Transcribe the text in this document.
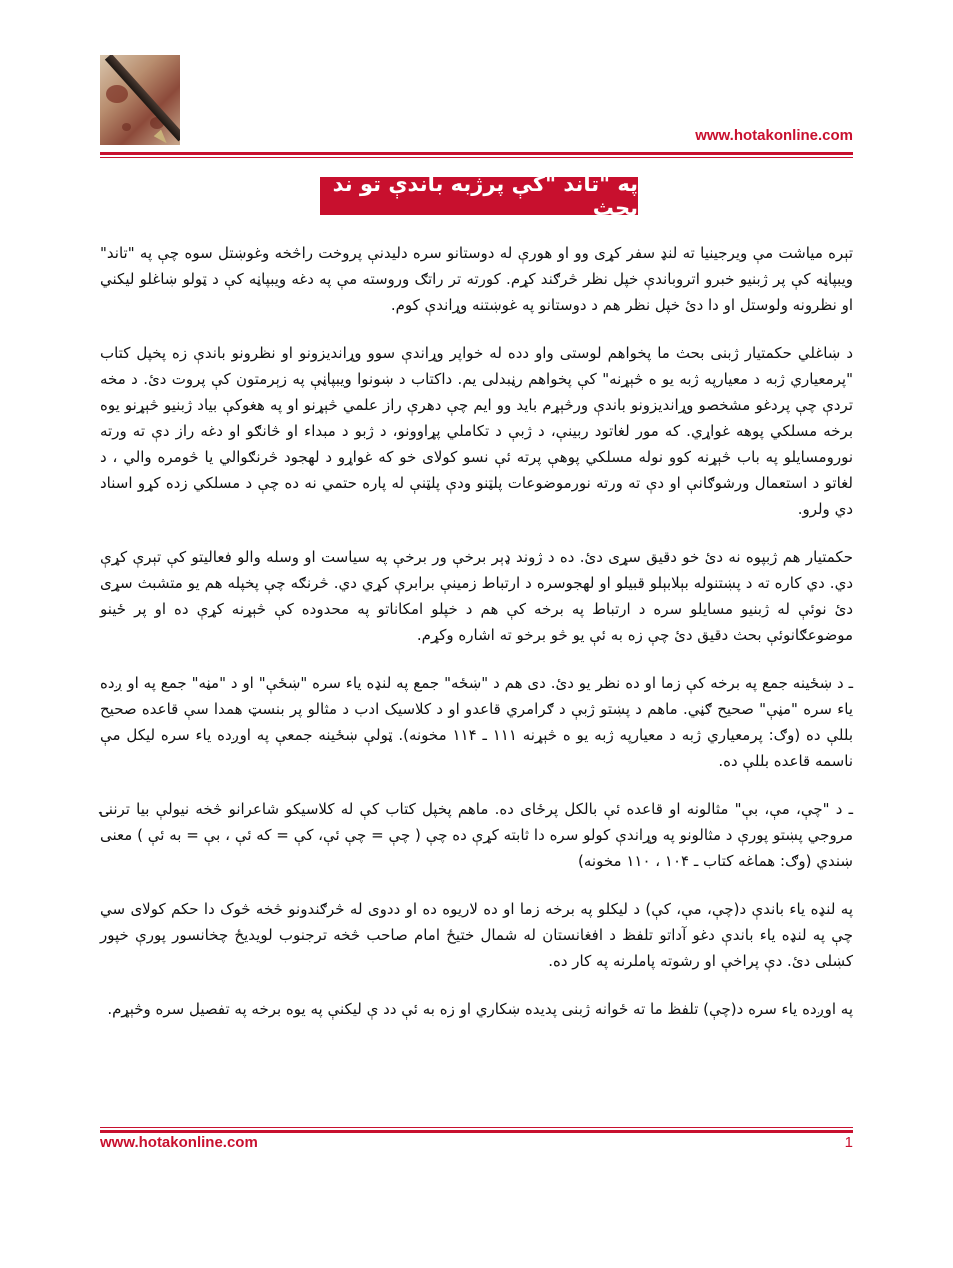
www.hotakonline.com
په "تاند "کې پرژبه باندې تو ند بحث

تېره میاشت مې ويرجينيا ته لنډ سفر کړی وو او هورې له دوستانو سره دليدنې پروخت راڅخه وغوښتل سوه چې په "تاند" ويبپاڼه کې پر ژبنيو خبرو اتروباندې خپل نظر څرګند کړم. کورته تر راتګ وروسته مې په دغه ويبپاڼه کې د ټولو ښاغلو ليکني او نظرونه ولوستل او دا دئ خپل نظر هم د دوستانو په غوښتنه وړاندې کوم.

د ښاغلي حکمتيار ژبنی بحث ما پخواهم لوستی واو دده له خواپر وړاندې سوو وړانديزونو او نظرونو باندې زه پخپل کتاب "پرمعياري ژبه د معيارپه ژبه يو ه څېړنه" کې پخواهم رڼبدلی يم. داکتاب د ښونوا ويبپاڼې په زېرمتون کې پروت دئ. د مخه تردې چې پردغو مشخصو وړانديزونو باندې ورڅېړم بايد وو ايم چې دهرې راز علمي څېړنو او په هغوکې بياد ژبنيو څېړنو يوه برخه مسلکي پوهه غواړي. که مور لغاتود ربينې، د ژبې د تکاملي پړاوونو، د ژبو د مبداء او څانګو او دغه راز دې ته ورته نورومسايلو په باب څېړنه کوو نوله مسلکي پوهې پرته ئې نسو کولای خو که غواړو د لهجود څرنګوالي يا څومره والي ، د لغاتو د استعمال ورشوګانې او دې ته ورته نورموضوعات پلټنو ودې پلټنې له پاره حتمي نه ده چې د مسلکي زده کړو اسناد دي ولرو.

حکمتيار هم ژبپوه نه دئ خو دقيق سړی دئ. ده د ژوند ډېر برخې ور برخې په سياست او وسله والو فعاليتو کې تېرې کړې دي. دي کاره ته د پښتنوله بېلابېلو قبيلو او لهجوسره د ارتباط زمينې برابرې کړي دي. څرنګه چې پخپله هم يو متشبث سړی دئ نوئې له ژبنيو مسايلو سره د ارتباط په برخه کې هم د خپلو امکاناتو په محدوده کې څېړنه کړې ده او پر ځينو موضوعګانوئې بحث دقيق دئ چې زه به ئې يو څو برخو ته اشاره وکړم.

ـ د ښځينه جمع په برخه کې زما او ده نظر يو دئ. دی هم د "ښځه" جمع په لنډه ياء سره "ښځې" او د "مڼه" جمع په او ږده ياء سره "مڼې" صحيح ګڼي. ماهم د پښتو ژبې د ګرامري قاعدو او د کلاسيک ادب د مثالو پر بنسټ همدا سې قاعده صحيح بللې ده (وګ: پرمعياري ژبه د معيارپه ژبه يو ه څېړنه ۱۱۱ ـ ۱۱۴ مخونه). ټولې ښځينه جمعې په اوږده ياء سره ليکل مې ناسمه قاعده بللې ده.

ـ د "چې، مې، بې" مثالونه او قاعده ئې بالکل پرځای ده. ماهم پخپل کتاب کې له کلاسيکو شاعرانو څخه نيولې بيا ترننۍ مروجي پښتو پورې د مثالونو په وړاندې کولو سره دا ثابته کړې ده چې ( چې = چې ئې، کې = که ئې ، بې = به ئې ) معنی ښندي (وګ: هماغه کتاب ـ ۱۰۴ ، ۱۱۰ مخونه)

په لنډه ياء باندې د(چې، مې، کې) د ليکلو په برخه زما او ده لاريوه ده او ددوی له څرګندونو څخه څوک دا حکم کولای سي چې په لنډه ياء باندې دغو آداتو تلفظ د افغانستان له شمال ختيځ امام صاحب څخه ترجنوب لويديځ چخانسور پورې خپور کښلی دئ. دې پراخې او رشوته پاملرنه په کار ده.

په اوږده ياء سره د(چې) تلفظ ما ته ځوانه ژبنی پديده ښکاري او زه به ئې دد ې ليکنې په يوه برخه په تفصيل سره وڅېړم.

www.hotakonline.com	1
